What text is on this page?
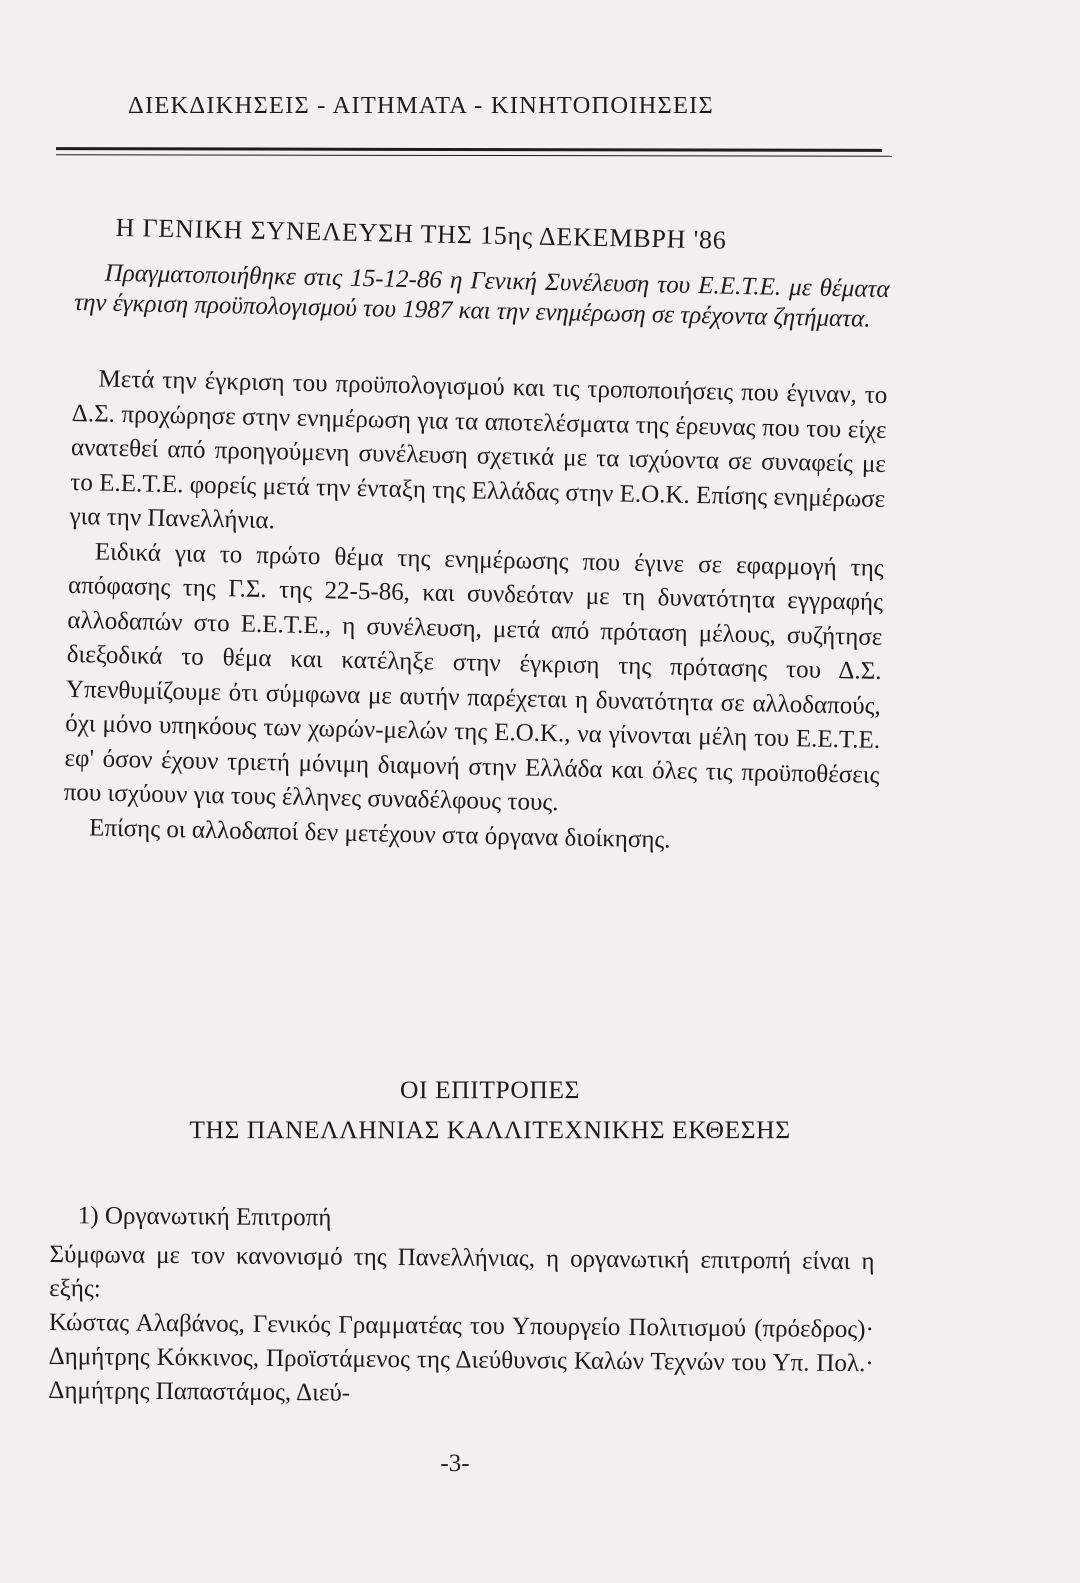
ΔΙΕΚΔΙΚΗΣΕΙΣ - ΑΙΤΗΜΑΤΑ - ΚΙΝΗΤΟΠΟΙΗΣΕΙΣ
Η ΓΕΝΙΚΗ ΣΥΝΕΛΕΥΣΗ ΤΗΣ 15ης ΔΕΚΕΜΒΡΗ '86

Πραγματοποιήθηκε στις 15-12-86 η Γενική Συνέλευση του Ε.Ε.Τ.Ε. με θέματα την έγκριση προϋπολογισμού του 1987 και την ενημέρωση σε τρέχοντα ζητήματα.

Μετά την έγκριση του προϋπολογισμού και τις τροποποιήσεις που έγιναν, το Δ.Σ. προχώρησε στην ενημέρωση για τα αποτελέσματα της έρευνας που του είχε ανατεθεί από προηγούμενη συνέλευση σχετικά με τα ισχύοντα σε συναφείς με το Ε.Ε.Τ.Ε. φορείς μετά την ένταξη της Ελλάδας στην Ε.Ο.Κ. Επίσης ενημέρωσε για την Πανελλήνια.

Ειδικά για το πρώτο θέμα της ενημέρωσης που έγινε σε εφαρμογή της απόφασης της Γ.Σ. της 22-5-86, και συνδεόταν με τη δυνατότητα εγγραφής αλλοδαπών στο Ε.Ε.Τ.Ε., η συνέλευση, μετά από πρόταση μέλους, συζήτησε διεξοδικά το θέμα και κατέληξε στην έγκριση της πρότασης του Δ.Σ. Υπενθυμίζουμε ότι σύμφωνα με αυτήν παρέχεται η δυνατότητα σε αλλοδαπούς, όχι μόνο υπηκόους των χωρών-μελών της Ε.Ο.Κ., να γίνονται μέλη του Ε.Ε.Τ.Ε. εφ' όσον έχουν τριετή μόνιμη διαμονή στην Ελλάδα και όλες τις προϋποθέσεις που ισχύουν για τους έλληνες συναδέλφους τους.

Επίσης οι αλλοδαποί δεν μετέχουν στα όργανα διοίκησης.

ΟΙ ΕΠΙΤΡΟΠΕΣ
ΤΗΣ ΠΑΝΕΛΛΗΝΙΑΣ ΚΑΛΛΙΤΕΧΝΙΚΗΣ ΕΚΘΕΣΗΣ
1) Οργανωτική Επιτροπή

Σύμφωνα με τον κανονισμό της Πανελλήνιας, η οργανωτική επιτροπή είναι η εξής:

Κώστας Αλαβάνος, Γενικός Γραμματέας του Υπουργείο Πολιτισμού (πρόεδρος)· Δημήτρης Κόκκινος, Προϊστάμενος της Διεύθυνσις Καλών Τεχνών του Υπ. Πολ.· Δημήτρης Παπαστάμος, Διεύ-

-3-
